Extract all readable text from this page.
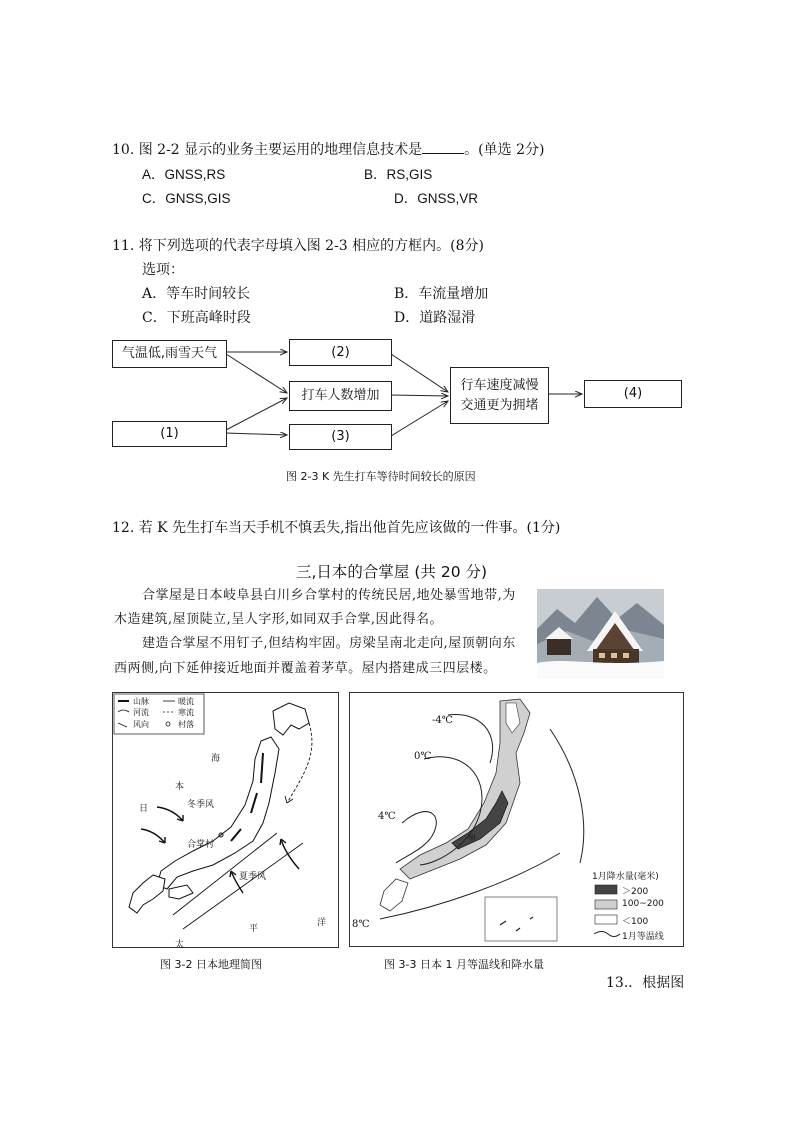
10. 图 2-2 显示的业务主要运用的地理信息技术是	。(单选 2分)
A．GNSS,RS	B．RS,GIS
C．GNSS,GIS	D．GNSS,VR
11. 将下列选项的代表字母填入图 2-3 相应的方框内。(8分)
选项：
A．等车时间较长	B．车流量增加
C．下班高峰时段	D．道路湿滑
气温低,雨雪天气
(1)
(2)
打车人数增加
(3)
行车速度减慢
交通更为拥堵
(4)
图 2-3 K 先生打车等待时间较长的原因
12. 若 K 先生打车当天手机不慎丢失,指出他首先应该做的一件事。(1分)
三,日本的合掌屋 (共 20 分)
合掌屋是日本岐阜县白川乡合掌村的传统民居,地处暴雪地带,为
木造建筑,屋顶陡立,呈人字形,如同双手合掌,因此得名。
建造合掌屋不用钉子,但结构牢固。房梁呈南北走向,屋顶朝向东
西两侧,向下延伸接近地面并覆盖着茅草。屋内搭建成三四层楼。
山脉	暖流
河流	寒流
风向	村落
海
本
日	冬季风
合掌村
夏季风
洋
平
太
图 3-2 日本地理简图
-4℃
0℃
4℃
8℃
甲
1月降水量(毫米)
＞200
100~200
＜100
1月等温线
图 3-3 日本 1 月等温线和降水量
13.．根据图
